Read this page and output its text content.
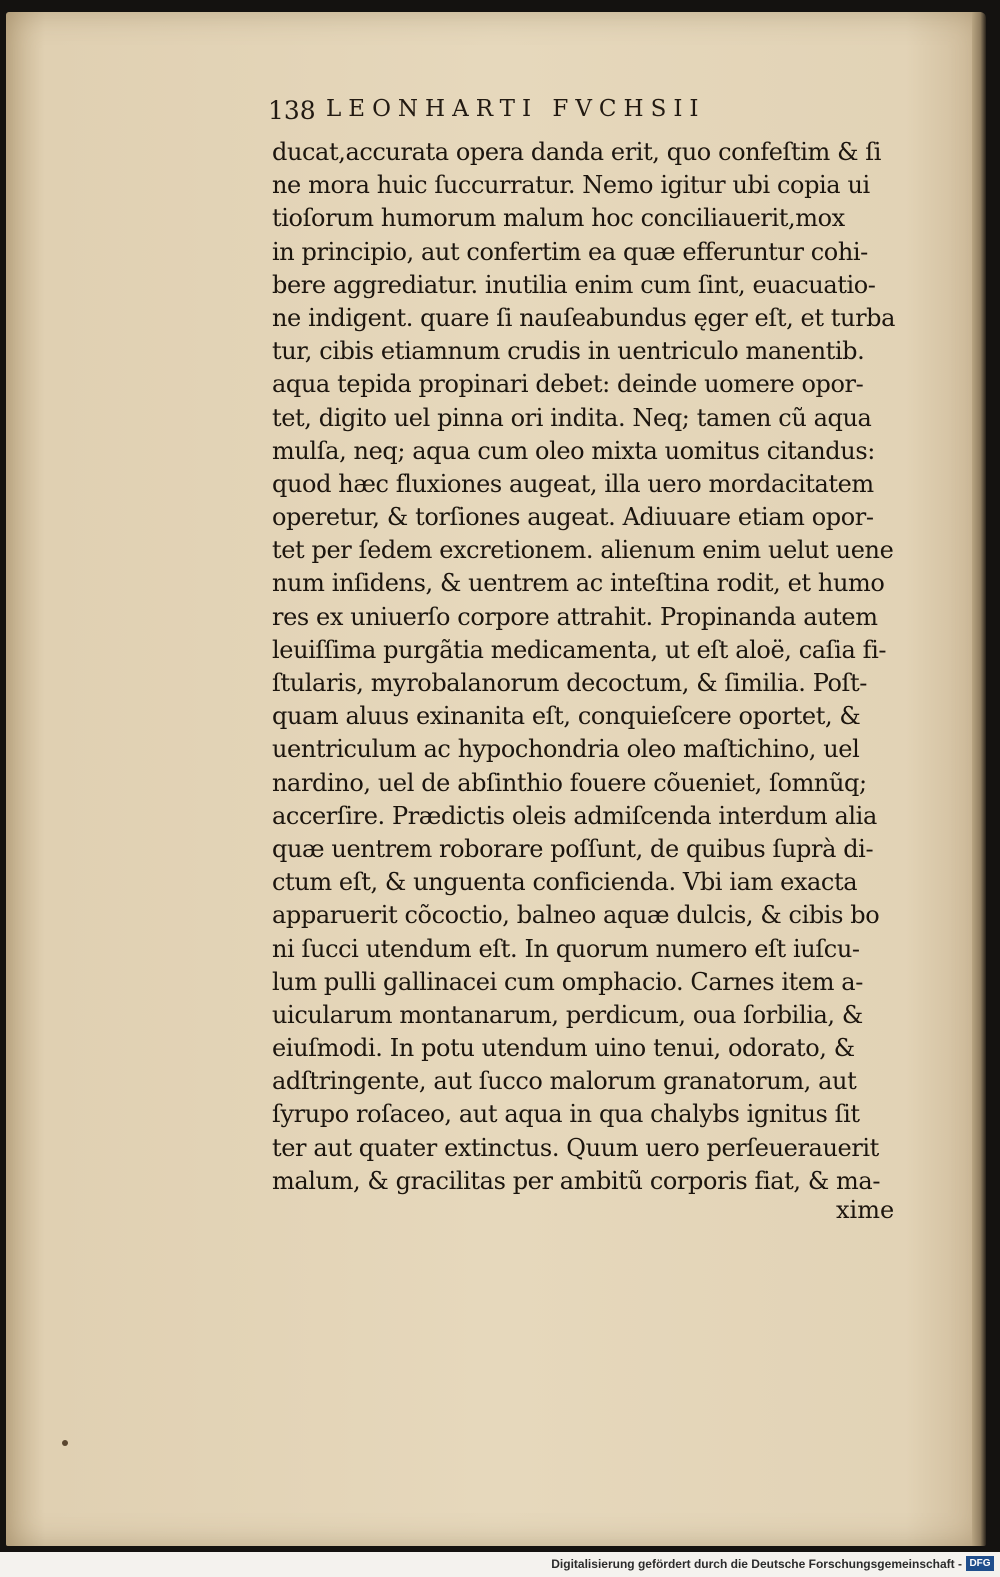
138 LEONHARTI FVCHSII
ducat,accurata opera danda erit, quo confeſtim & ſi
ne mora huic ſuccurratur. Nemo igitur ubi copia ui
tioſorum humorum malum hoc conciliauerit,mox
in principio, aut confertim ea quæ efferuntur cohi-
bere aggrediatur. inutilia enim cum ſint, euacuatio-
ne indigent. quare ſi nauſeabundus ęger eſt, et turba
tur, cibis etiamnum crudis in uentriculo manentib.
aqua tepida propinari debet: deinde uomere opor-
tet, digito uel pinna ori indita. Neq; tamen cũ aqua
mulſa, neq; aqua cum oleo mixta uomitus citandus:
quod hæc fluxiones augeat, illa uero mordacitatem
operetur, & torſiones augeat. Adiuuare etiam opor-
tet per ſedem excretionem. alienum enim uelut uene
num inſidens, & uentrem ac inteſtina rodit, et humo
res ex uniuerſo corpore attrahit. Propinanda autem
leuiſſima purgãtia medicamenta, ut eſt aloë, caſia fi-
ſtularis, myrobalanorum decoctum, & ſimilia. Poſt-
quam aluus exinanita eſt, conquieſcere oportet, &
uentriculum ac hypochondria oleo maſtichino, uel
nardino, uel de abſinthio fouere cõueniet, ſomnũq;
accerſire. Prædictis oleis admiſcenda interdum alia
quæ uentrem roborare poſſunt, de quibus ſuprà di-
ctum eſt, & unguenta conficienda. Vbi iam exacta
apparuerit cõcoctio, balneo aquæ dulcis, & cibis bo
ni ſucci utendum eſt. In quorum numero eſt iuſcu-
lum pulli gallinacei cum omphacio. Carnes item a-
uicularum montanarum, perdicum, oua ſorbilia, &
eiuſmodi. In potu utendum uino tenui, odorato, &
adſtringente, aut ſucco malorum granatorum, aut
ſyrupo roſaceo, aut aqua in qua chalybs ignitus ſit
ter aut quater extinctus. Quum uero perſeuerauerit
malum, & gracilitas per ambitũ corporis fiat, & ma-
xime
Digitalisierung gefördert durch die Deutsche Forschungsgemeinschaft - DFG
